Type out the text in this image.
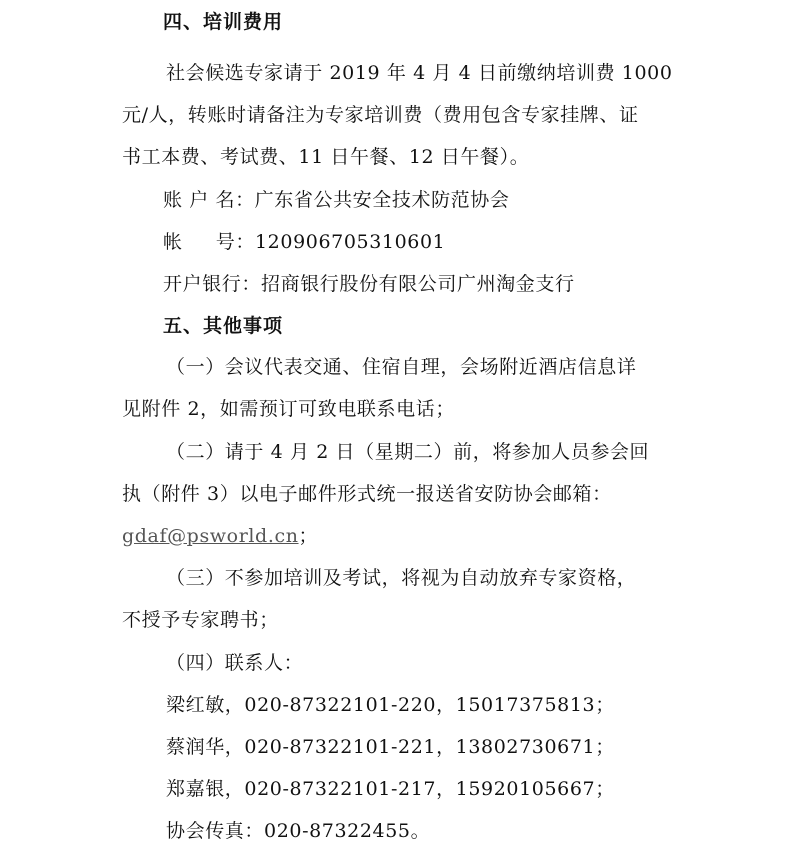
四、培训费用
社会候选专家请于 2019 年 4 月 4 日前缴纳培训费 1000
元/人，转账时请备注为专家培训费（费用包含专家挂牌、证
书工本费、考试费、11 日午餐、12 日午餐）。
账 户 名：广东省公共安全技术防范协会
帐     号：120906705310601
开户银行：招商银行股份有限公司广州淘金支行
五、其他事项
（一）会议代表交通、住宿自理，会场附近酒店信息详
见附件 2，如需预订可致电联系电话；
（二）请于 4 月 2 日（星期二）前，将参加人员参会回
执（附件 3）以电子邮件形式统一报送省安防协会邮箱：
gdaf@psworld.cn；
（三）不参加培训及考试，将视为自动放弃专家资格，
不授予专家聘书；
（四）联系人：
梁红敏，020-87322101-220，15017375813；
蔡润华，020-87322101-221，13802730671；
郑嘉银，020-87322101-217，15920105667；
协会传真：020-87322455。
